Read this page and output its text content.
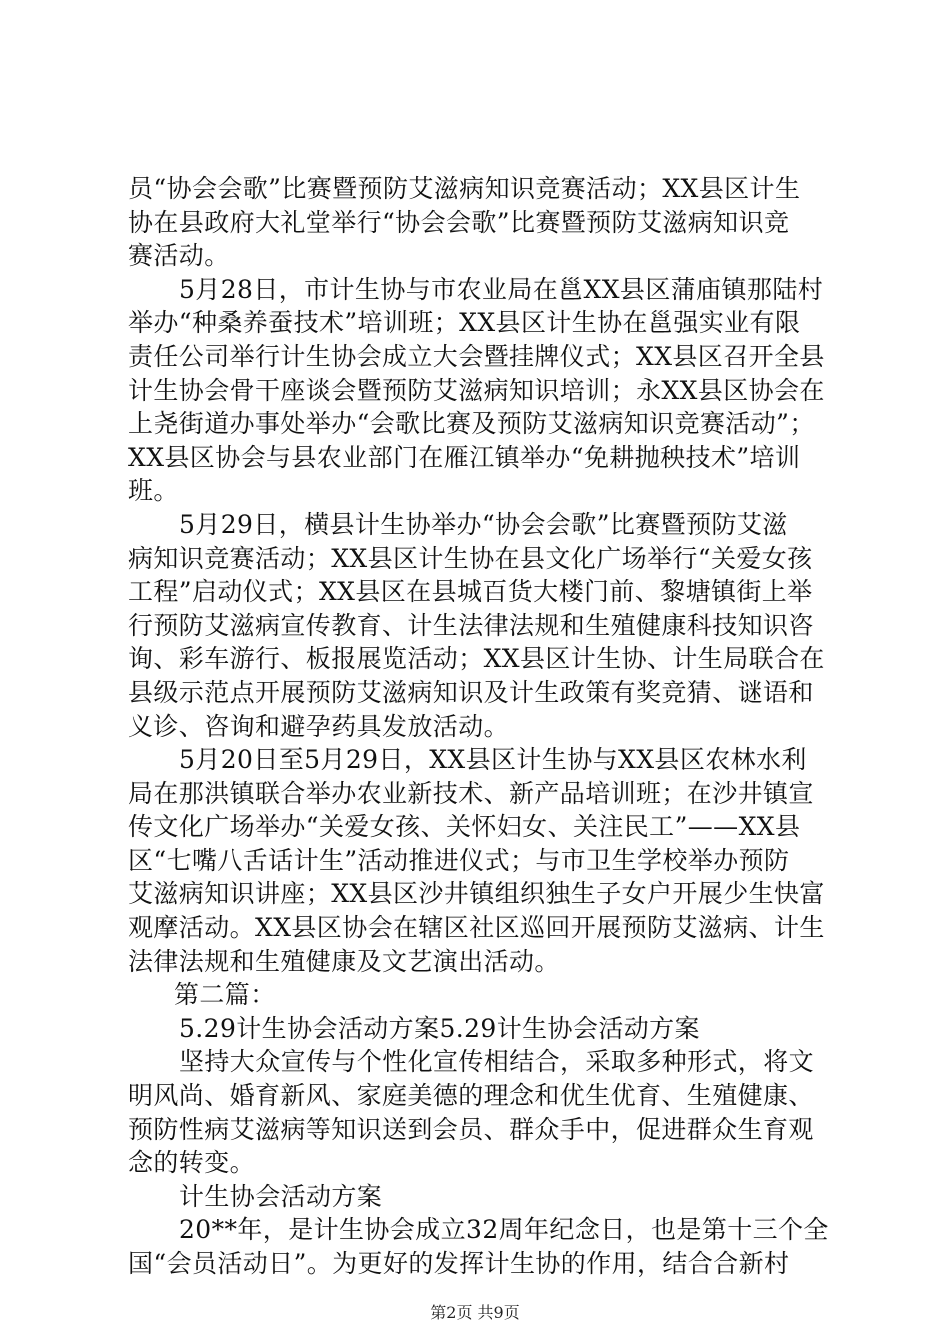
员“协会会歌”比赛暨预防艾滋病知识竞赛活动；XX县区计生
协在县政府大礼堂举行“协会会歌”比赛暨预防艾滋病知识竞
赛活动。
5月28日，市计生协与市农业局在邕XX县区蒲庙镇那陆村
举办“种桑养蚕技术”培训班；XX县区计生协在邕强实业有限
责任公司举行计生协会成立大会暨挂牌仪式；XX县区召开全县
计生协会骨干座谈会暨预防艾滋病知识培训；永XX县区协会在
上尧街道办事处举办“会歌比赛及预防艾滋病知识竞赛活动”；
XX县区协会与县农业部门在雁江镇举办“免耕抛秧技术”培训
班。
5月29日，横县计生协举办“协会会歌”比赛暨预防艾滋
病知识竞赛活动；XX县区计生协在县文化广场举行“关爱女孩
工程”启动仪式；XX县区在县城百货大楼门前、黎塘镇街上举
行预防艾滋病宣传教育、计生法律法规和生殖健康科技知识咨
询、彩车游行、板报展览活动；XX县区计生协、计生局联合在
县级示范点开展预防艾滋病知识及计生政策有奖竞猜、谜语和
义诊、咨询和避孕药具发放活动。
5月20日至5月29日，XX县区计生协与XX县区农林水利
局在那洪镇联合举办农业新技术、新产品培训班；在沙井镇宣
传文化广场举办“关爱女孩、关怀妇女、关注民工”——XX县
区“七嘴八舌话计生”活动推进仪式；与市卫生学校举办预防
艾滋病知识讲座；XX县区沙井镇组织独生子女户开展少生快富
观摩活动。XX县区协会在辖区社区巡回开展预防艾滋病、计生
法律法规和生殖健康及文艺演出活动。
第二篇：
5.29计生协会活动方案5.29计生协会活动方案
坚持大众宣传与个性化宣传相结合，采取多种形式，将文
明风尚、婚育新风、家庭美德的理念和优生优育、生殖健康、
预防性病艾滋病等知识送到会员、群众手中，促进群众生育观
念的转变。
计生协会活动方案
20**年，是计生协会成立32周年纪念日，也是第十三个全
国“会员活动日”。为更好的发挥计生协的作用，结合合新村
第2页 共9页
